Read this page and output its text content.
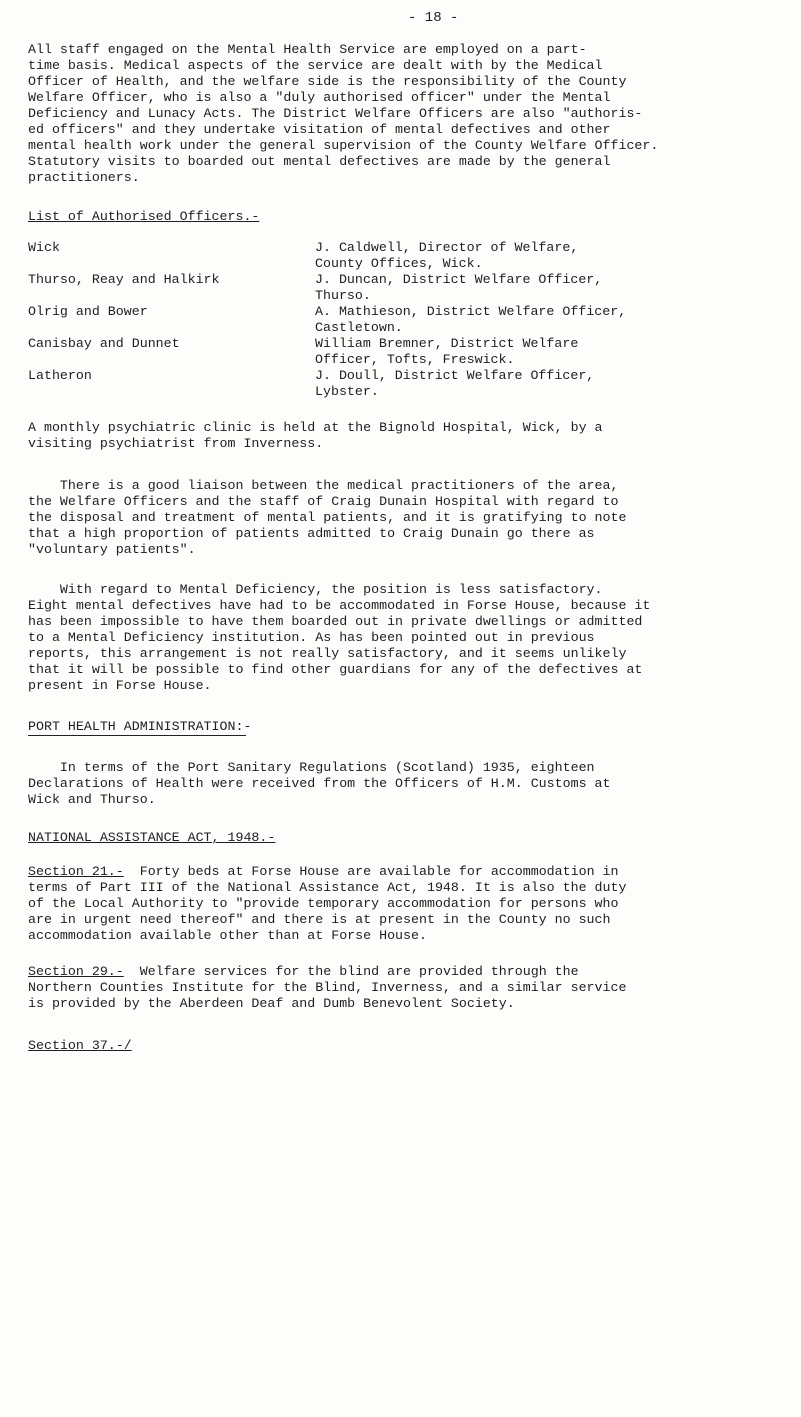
- 18 -
All staff engaged on the Mental Health Service are employed on a part-
time basis. Medical aspects of the service are dealt with by the Medical
Officer of Health, and the welfare side is the responsibility of the County
Welfare Officer, who is also a "duly authorised officer" under the Mental
Deficiency and Lunacy Acts. The District Welfare Officers are also "authoris-
ed officers" and they undertake visitation of mental defectives and other
mental health work under the general supervision of the County Welfare Officer.
Statutory visits to boarded out mental defectives are made by the general
practitioners.
List of Authorised Officers.-
Wick	J. Caldwell, Director of Welfare,
County Offices, Wick.
Thurso, Reay and Halkirk	J. Duncan, District Welfare Officer,
Thurso.
Olrig and Bower	A. Mathieson, District Welfare Officer,
Castletown.
Canisbay and Dunnet	William Bremner, District Welfare
Officer, Tofts, Freswick.
Latheron	J. Doull, District Welfare Officer,
Lybster.
A monthly psychiatric clinic is held at the Bignold Hospital, Wick, by a
visiting psychiatrist from Inverness.
There is a good liaison between the medical practitioners of the area,
the Welfare Officers and the staff of Craig Dunain Hospital with regard to
the disposal and treatment of mental patients, and it is gratifying to note
that a high proportion of patients admitted to Craig Dunain go there as
"voluntary patients".
With regard to Mental Deficiency, the position is less satisfactory.
Eight mental defectives have had to be accommodated in Forse House, because it
has been impossible to have them boarded out in private dwellings or admitted
to a Mental Deficiency institution. As has been pointed out in previous
reports, this arrangement is not really satisfactory, and it seems unlikely
that it will be possible to find other guardians for any of the defectives at
present in Forse House.
PORT HEALTH ADMINISTRATION:-
In terms of the Port Sanitary Regulations (Scotland) 1935, eighteen
Declarations of Health were received from the Officers of H.M. Customs at
Wick and Thurso.
NATIONAL ASSISTANCE ACT, 1948.-
Section 21.-  Forty beds at Forse House are available for accommodation in
terms of Part III of the National Assistance Act, 1948. It is also the duty
of the Local Authority to "provide temporary accommodation for persons who
are in urgent need thereof" and there is at present in the County no such
accommodation available other than at Forse House.
Section 29.-  Welfare services for the blind are provided through the
Northern Counties Institute for the Blind, Inverness, and a similar service
is provided by the Aberdeen Deaf and Dumb Benevolent Society.
Section 37.-/
